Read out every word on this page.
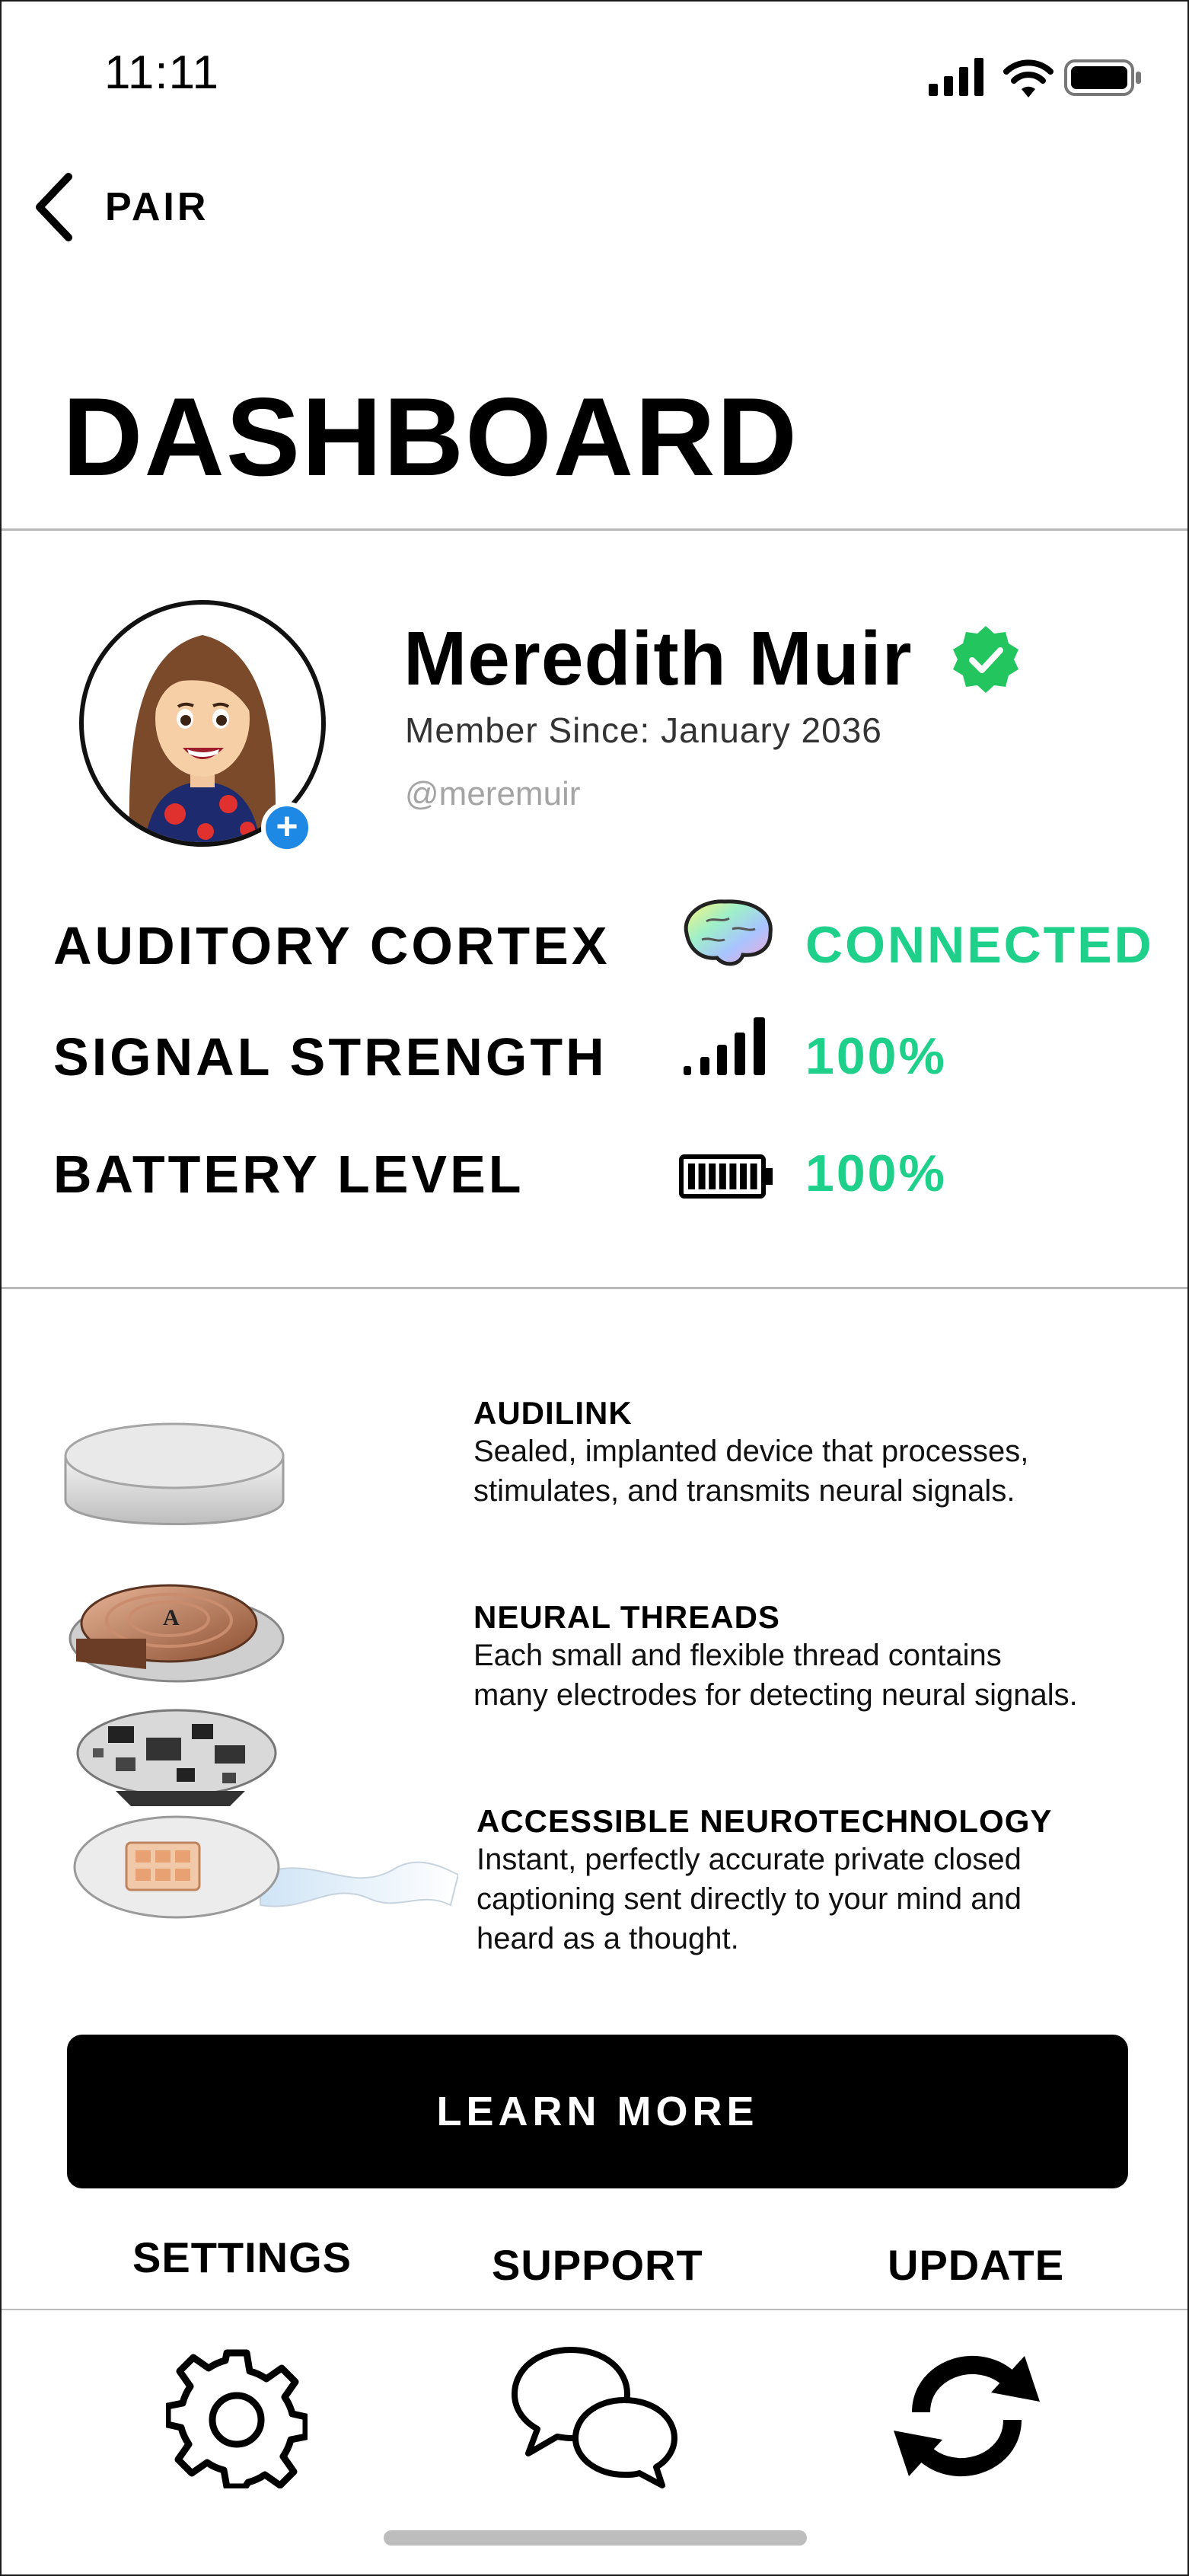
11:11
PAIR
DASHBOARD
+
Meredith Muir
Member Since: January 2036
@meremuir
AUDITORY CORTEX	CONNECTED
SIGNAL STRENGTH	100%
BATTERY LEVEL	100%
A
AUDILINK
Sealed, implanted device that processes,
stimulates, and transmits neural signals.
NEURAL THREADS
Each small and flexible thread contains
many electrodes for detecting neural signals.
ACCESSIBLE NEUROTECHNOLOGY
Instant, perfectly accurate private closed
captioning sent directly to your mind and
heard as a thought.
LEARN MORE
SETTINGS	SUPPORT	UPDATE
